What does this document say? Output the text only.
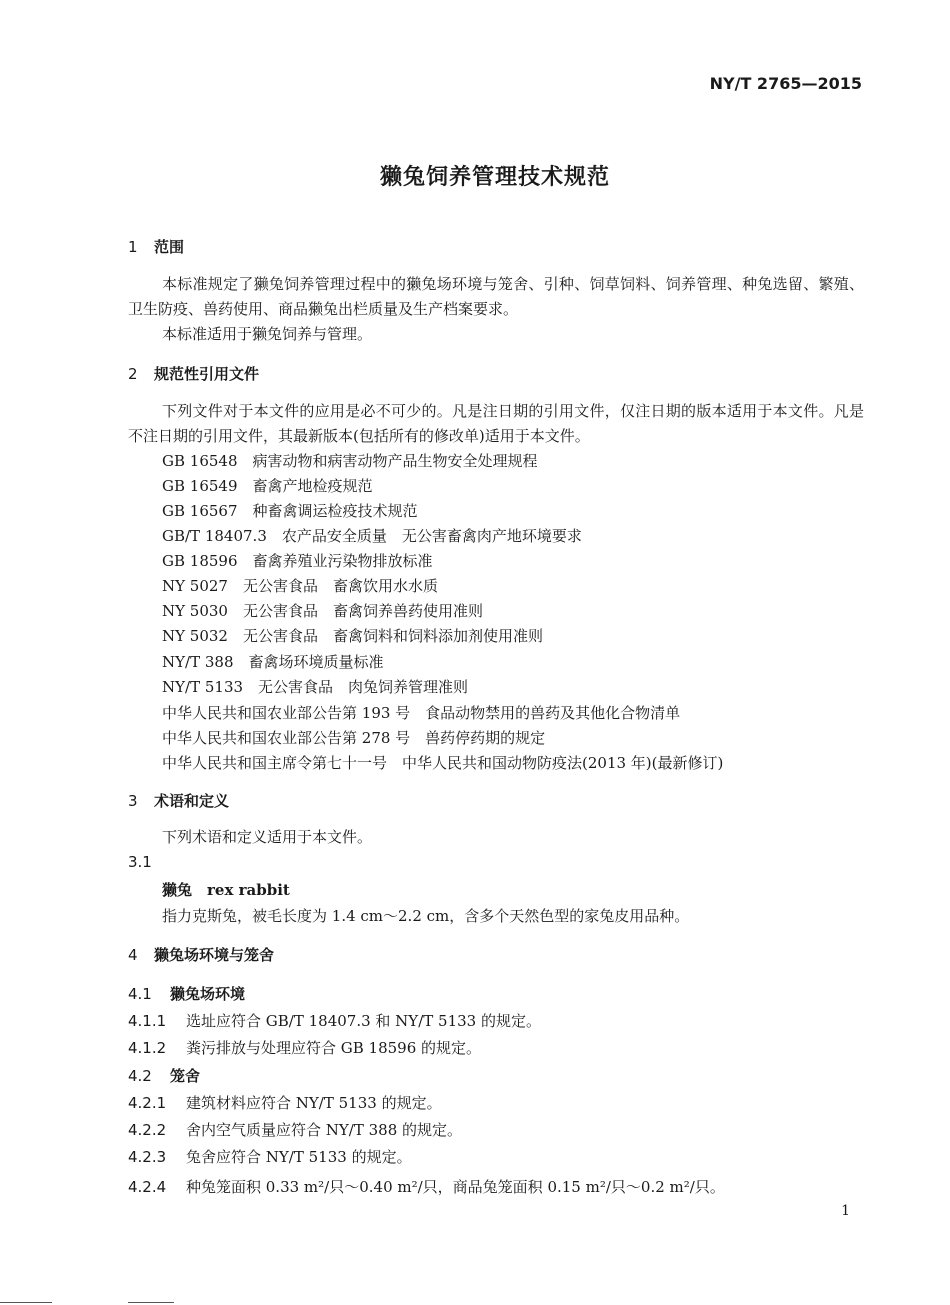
NY/T 2765—2015
獭兔饲养管理技术规范
1 范围

本标准规定了獭兔饲养管理过程中的獭兔场环境与笼舍、引种、饲草饲料、饲养管理、种兔选留、繁殖、卫生防疫、兽药使用、商品獭兔出栏质量及生产档案要求。

本标准适用于獭兔饲养与管理。

2 规范性引用文件

下列文件对于本文件的应用是必不可少的。凡是注日期的引用文件，仅注日期的版本适用于本文件。凡是不注日期的引用文件，其最新版本(包括所有的修改单)适用于本文件。

GB 16548　病害动物和病害动物产品生物安全处理规程
GB 16549　畜禽产地检疫规范
GB 16567　种畜禽调运检疫技术规范
GB/T 18407.3　农产品安全质量　无公害畜禽肉产地环境要求
GB 18596　畜禽养殖业污染物排放标准
NY 5027　无公害食品　畜禽饮用水水质
NY 5030　无公害食品　畜禽饲养兽药使用准则
NY 5032　无公害食品　畜禽饲料和饲料添加剂使用准则
NY/T 388　畜禽场环境质量标准
NY/T 5133　无公害食品　肉兔饲养管理准则
中华人民共和国农业部公告第 193 号　食品动物禁用的兽药及其他化合物清单
中华人民共和国农业部公告第 278 号　兽药停药期的规定
中华人民共和国主席令第七十一号　中华人民共和国动物防疫法(2013 年)(最新修订)
3 术语和定义
下列术语和定义适用于本文件。
3.1
獭兔　rex rabbit
指力克斯兔，被毛长度为 1.4 cm～2.2 cm，含多个天然色型的家兔皮用品种。
4 獭兔场环境与笼舍
4.1 獭兔场环境
4.1.1 选址应符合 GB/T 18407.3 和 NY/T 5133 的规定。
4.1.2 粪污排放与处理应符合 GB 18596 的规定。
4.2 笼舍
4.2.1 建筑材料应符合 NY/T 5133 的规定。
4.2.2 舍内空气质量应符合 NY/T 388 的规定。
4.2.3 兔舍应符合 NY/T 5133 的规定。
4.2.4 种兔笼面积 0.33 m²/只～0.40 m²/只，商品兔笼面积 0.15 m²/只～0.2 m²/只。
1
